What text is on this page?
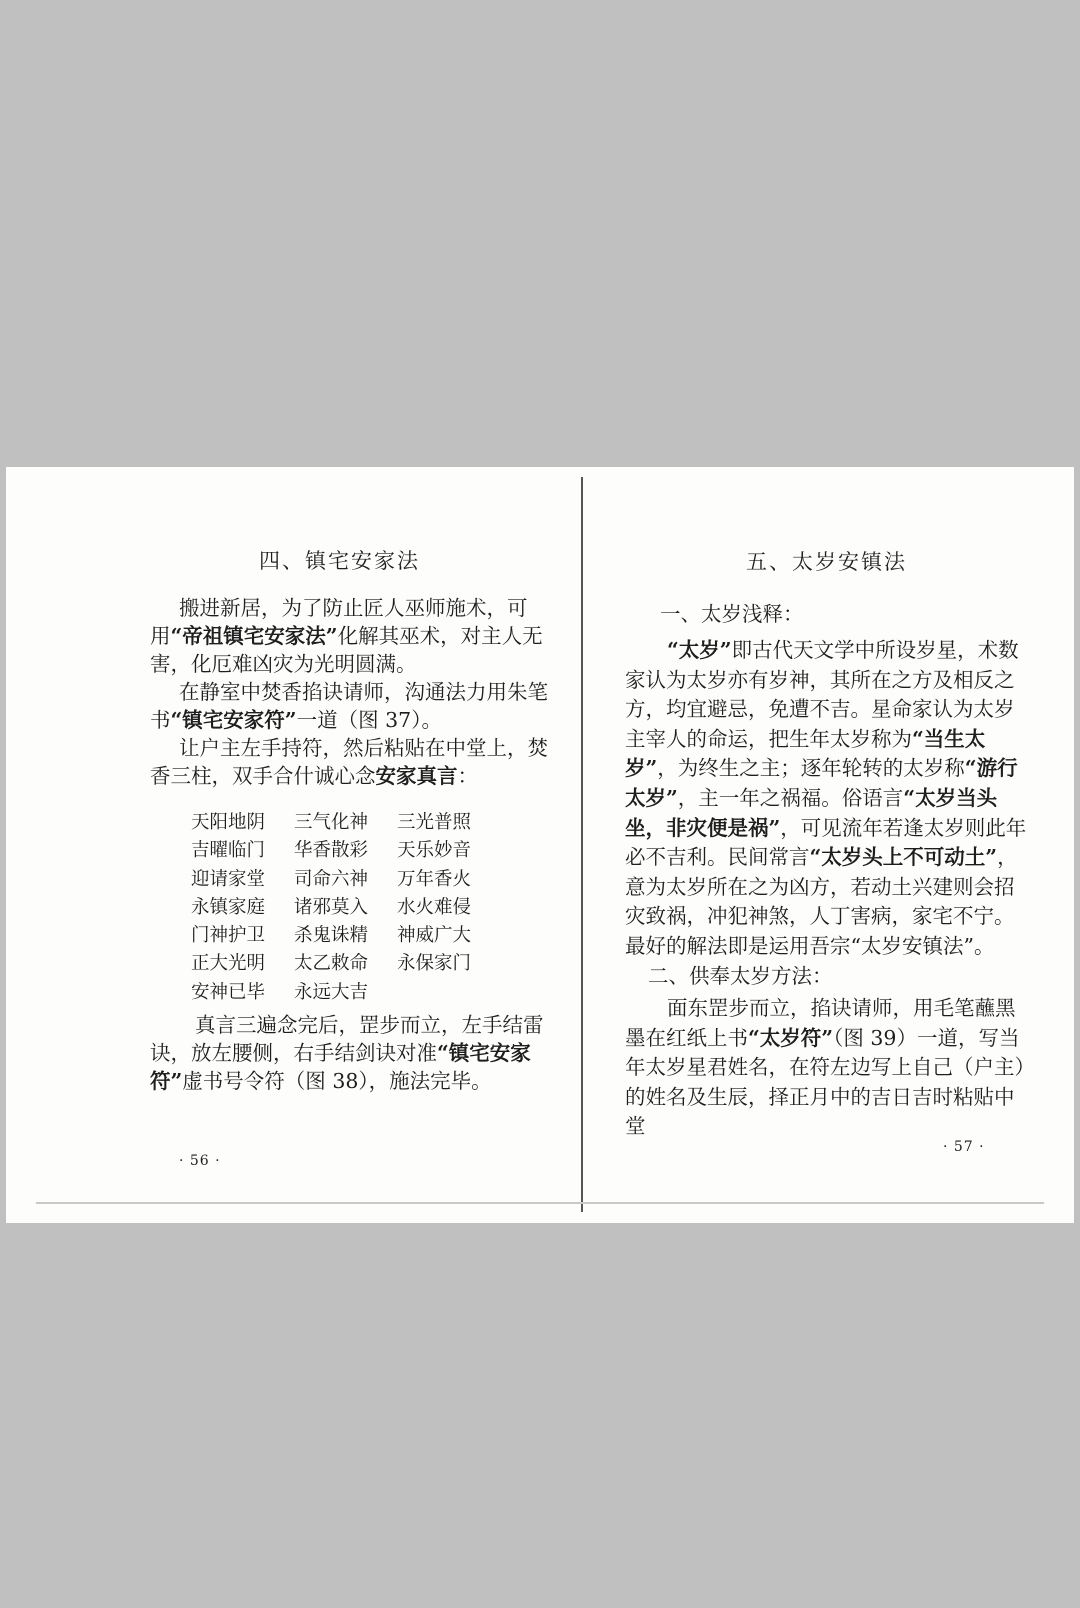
四、镇宅安家法

搬进新居，为了防止匠人巫师施术，可用“帝祖镇宅安家法”化解其巫术，对主人无害，化厄难凶灾为光明圆满。

在静室中焚香掐诀请师，沟通法力用朱笔书“镇宅安家符”一道（图 37）。

让户主左手持符，然后粘贴在中堂上，焚香三柱，双手合什诚心念安家真言：

天阳地阴 三气化神 三光普照
吉曜临门 华香散彩 天乐妙音
迎请家堂 司命六神 万年香火
永镇家庭 诸邪莫入 水火难侵
门神护卫 杀鬼诛精 神威广大
正大光明 太乙敕命 永保家门
安神已毕 永远大吉

真言三遍念完后，罡步而立，左手结雷诀，放左腰侧，右手结剑诀对准“镇宅安家符”虚书号令符（图 38），施法完毕。

· 56 ·
五、太岁安镇法
一、太岁浅释：

“太岁”即古代天文学中所设岁星，术数家认为太岁亦有岁神，其所在之方及相反之方，均宜避忌，免遭不吉。星命家认为太岁主宰人的命运，把生年太岁称为“当生太岁”，为终生之主；逐年轮转的太岁称“游行太岁”，主一年之祸福。俗语言“太岁当头坐，非灾便是祸”，可见流年若逢太岁则此年必不吉利。民间常言“太岁头上不可动土”，意为太岁所在之为凶方，若动土兴建则会招灾致祸，冲犯神煞，人丁害病，家宅不宁。最好的解法即是运用吾宗“太岁安镇法”。

二、供奉太岁方法：

面东罡步而立，掐诀请师，用毛笔蘸黑墨在红纸上书“太岁符”（图 39）一道，写当年太岁星君姓名，在符左边写上自己（户主）的姓名及生辰，择正月中的吉日吉时粘贴中堂

· 57 ·
